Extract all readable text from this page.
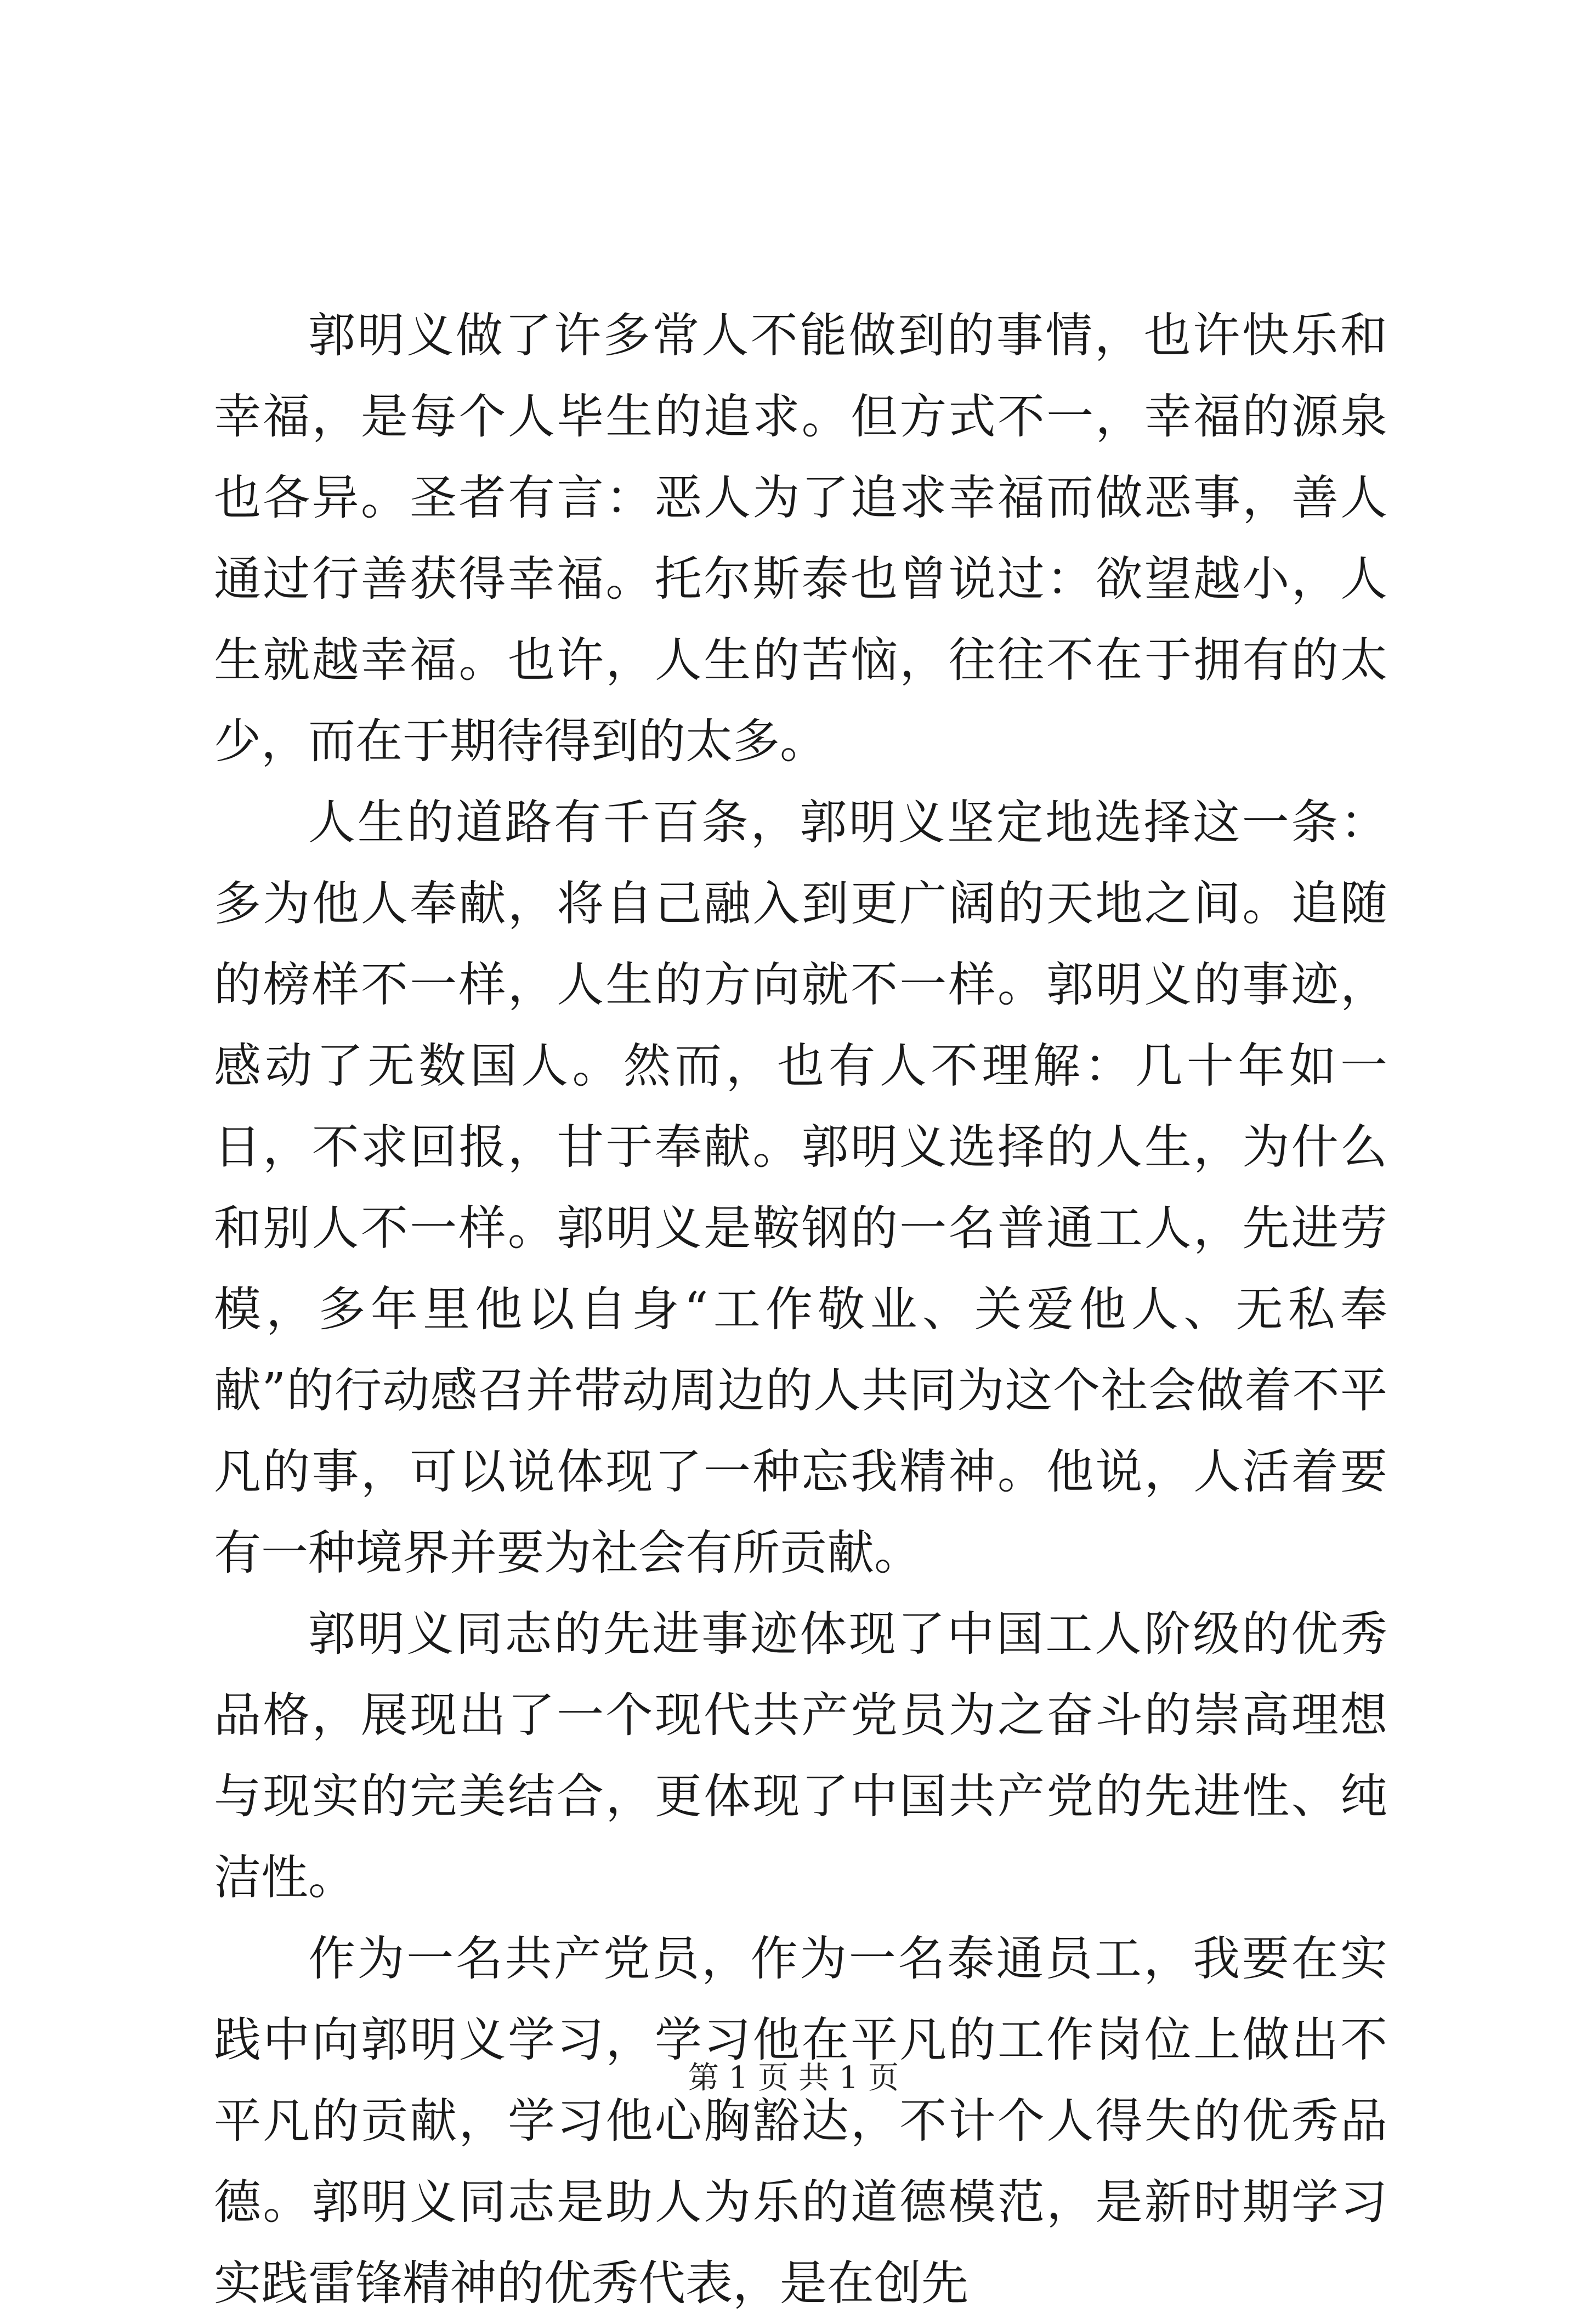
郭明义做了许多常人不能做到的事情，也许快乐和幸福，是每个人毕生的追求。但方式不一，幸福的源泉也各异。圣者有言：恶人为了追求幸福而做恶事，善人通过行善获得幸福。托尔斯泰也曾说过：欲望越小，人生就越幸福。也许，人生的苦恼，往往不在于拥有的太少，而在于期待得到的太多。

人生的道路有千百条，郭明义坚定地选择这一条：多为他人奉献，将自己融入到更广阔的天地之间。追随的榜样不一样，人生的方向就不一样。郭明义的事迹，感动了无数国人。然而，也有人不理解：几十年如一日，不求回报，甘于奉献。郭明义选择的人生，为什么和别人不一样。郭明义是鞍钢的一名普通工人，先进劳模，多年里他以自身“工作敬业、关爱他人、无私奉献”的行动感召并带动周边的人共同为这个社会做着不平凡的事，可以说体现了一种忘我精神。他说，人活着要有一种境界并要为社会有所贡献。

郭明义同志的先进事迹体现了中国工人阶级的优秀品格，展现出了一个现代共产党员为之奋斗的崇高理想与现实的完美结合，更体现了中国共产党的先进性、纯洁性。

作为一名共产党员，作为一名泰通员工，我要在实践中向郭明义学习，学习他在平凡的工作岗位上做出不平凡的贡献，学习他心胸豁达，不计个人得失的优秀品德。郭明义同志是助人为乐的道德模范，是新时期学习实践雷锋精神的优秀代表，是在创先

第 1 页 共 1 页
